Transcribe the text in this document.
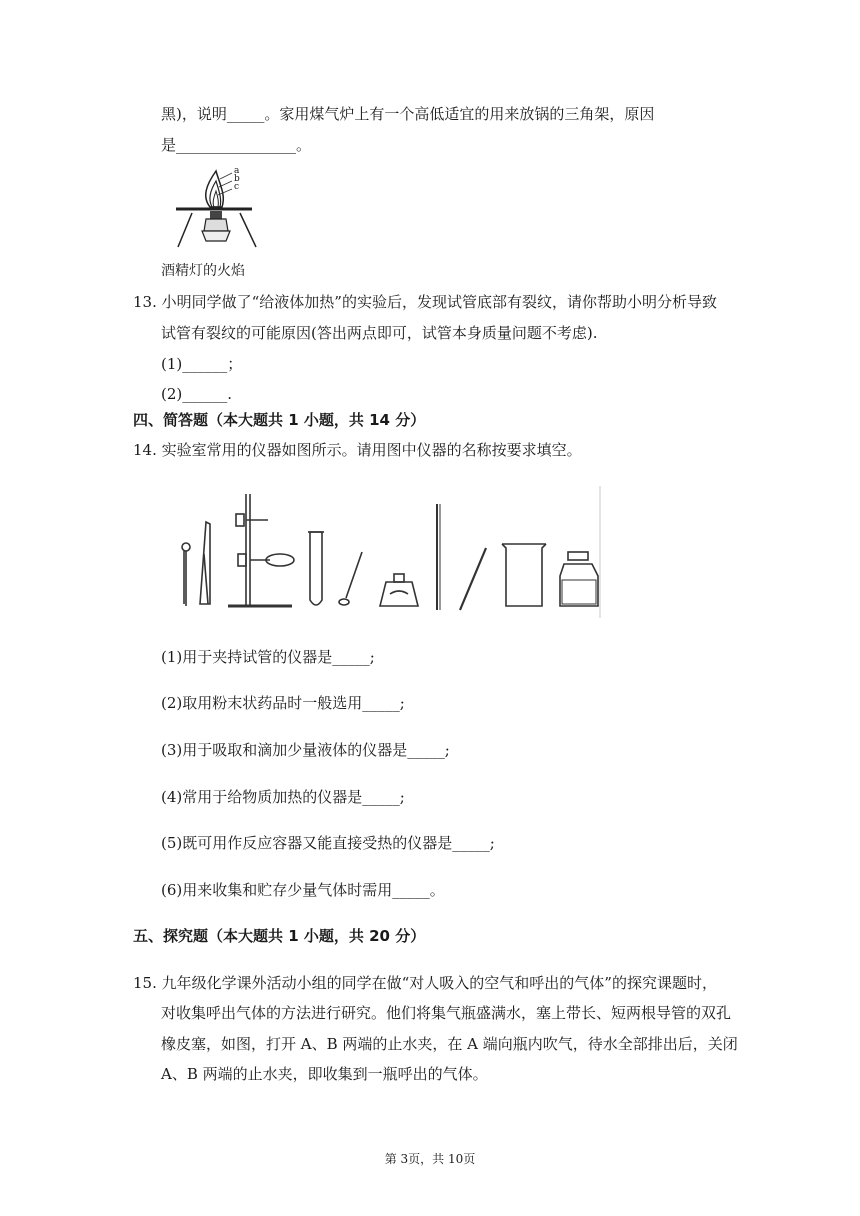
黑)，说明_____。家用煤气炉上有一个高低适宜的用来放锅的三角架，原因
是________________。
a
b
c
酒精灯的火焰
13. 小明同学做了“给液体加热”的实验后，发现试管底部有裂纹，请你帮助小明分析导致
试管有裂纹的可能原因(答出两点即可，试管本身质量问题不考虑).
(1)______；
(2)______.
四、简答题（本大题共 1 小题，共 14 分）
14. 实验室常用的仪器如图所示。请用图中仪器的名称按要求填空。
(1)用于夹持试管的仪器是_____;
(2)取用粉末状药品时一般选用_____;
(3)用于吸取和滴加少量液体的仪器是_____;
(4)常用于给物质加热的仪器是_____;
(5)既可用作反应容器又能直接受热的仪器是_____;
(6)用来收集和贮存少量气体时需用_____。
五、探究题（本大题共 1 小题，共 20 分）
15. 九年级化学课外活动小组的同学在做“对人吸入的空气和呼出的气体”的探究课题时，
对收集呼出气体的方法进行研究。他们将集气瓶盛满水，塞上带长、短两根导管的双孔
橡皮塞，如图，打开 A、B 两端的止水夹，在 A 端向瓶内吹气，待水全部排出后，关闭
A、B 两端的止水夹，即收集到一瓶呼出的气体。
第 3页，共 10页
